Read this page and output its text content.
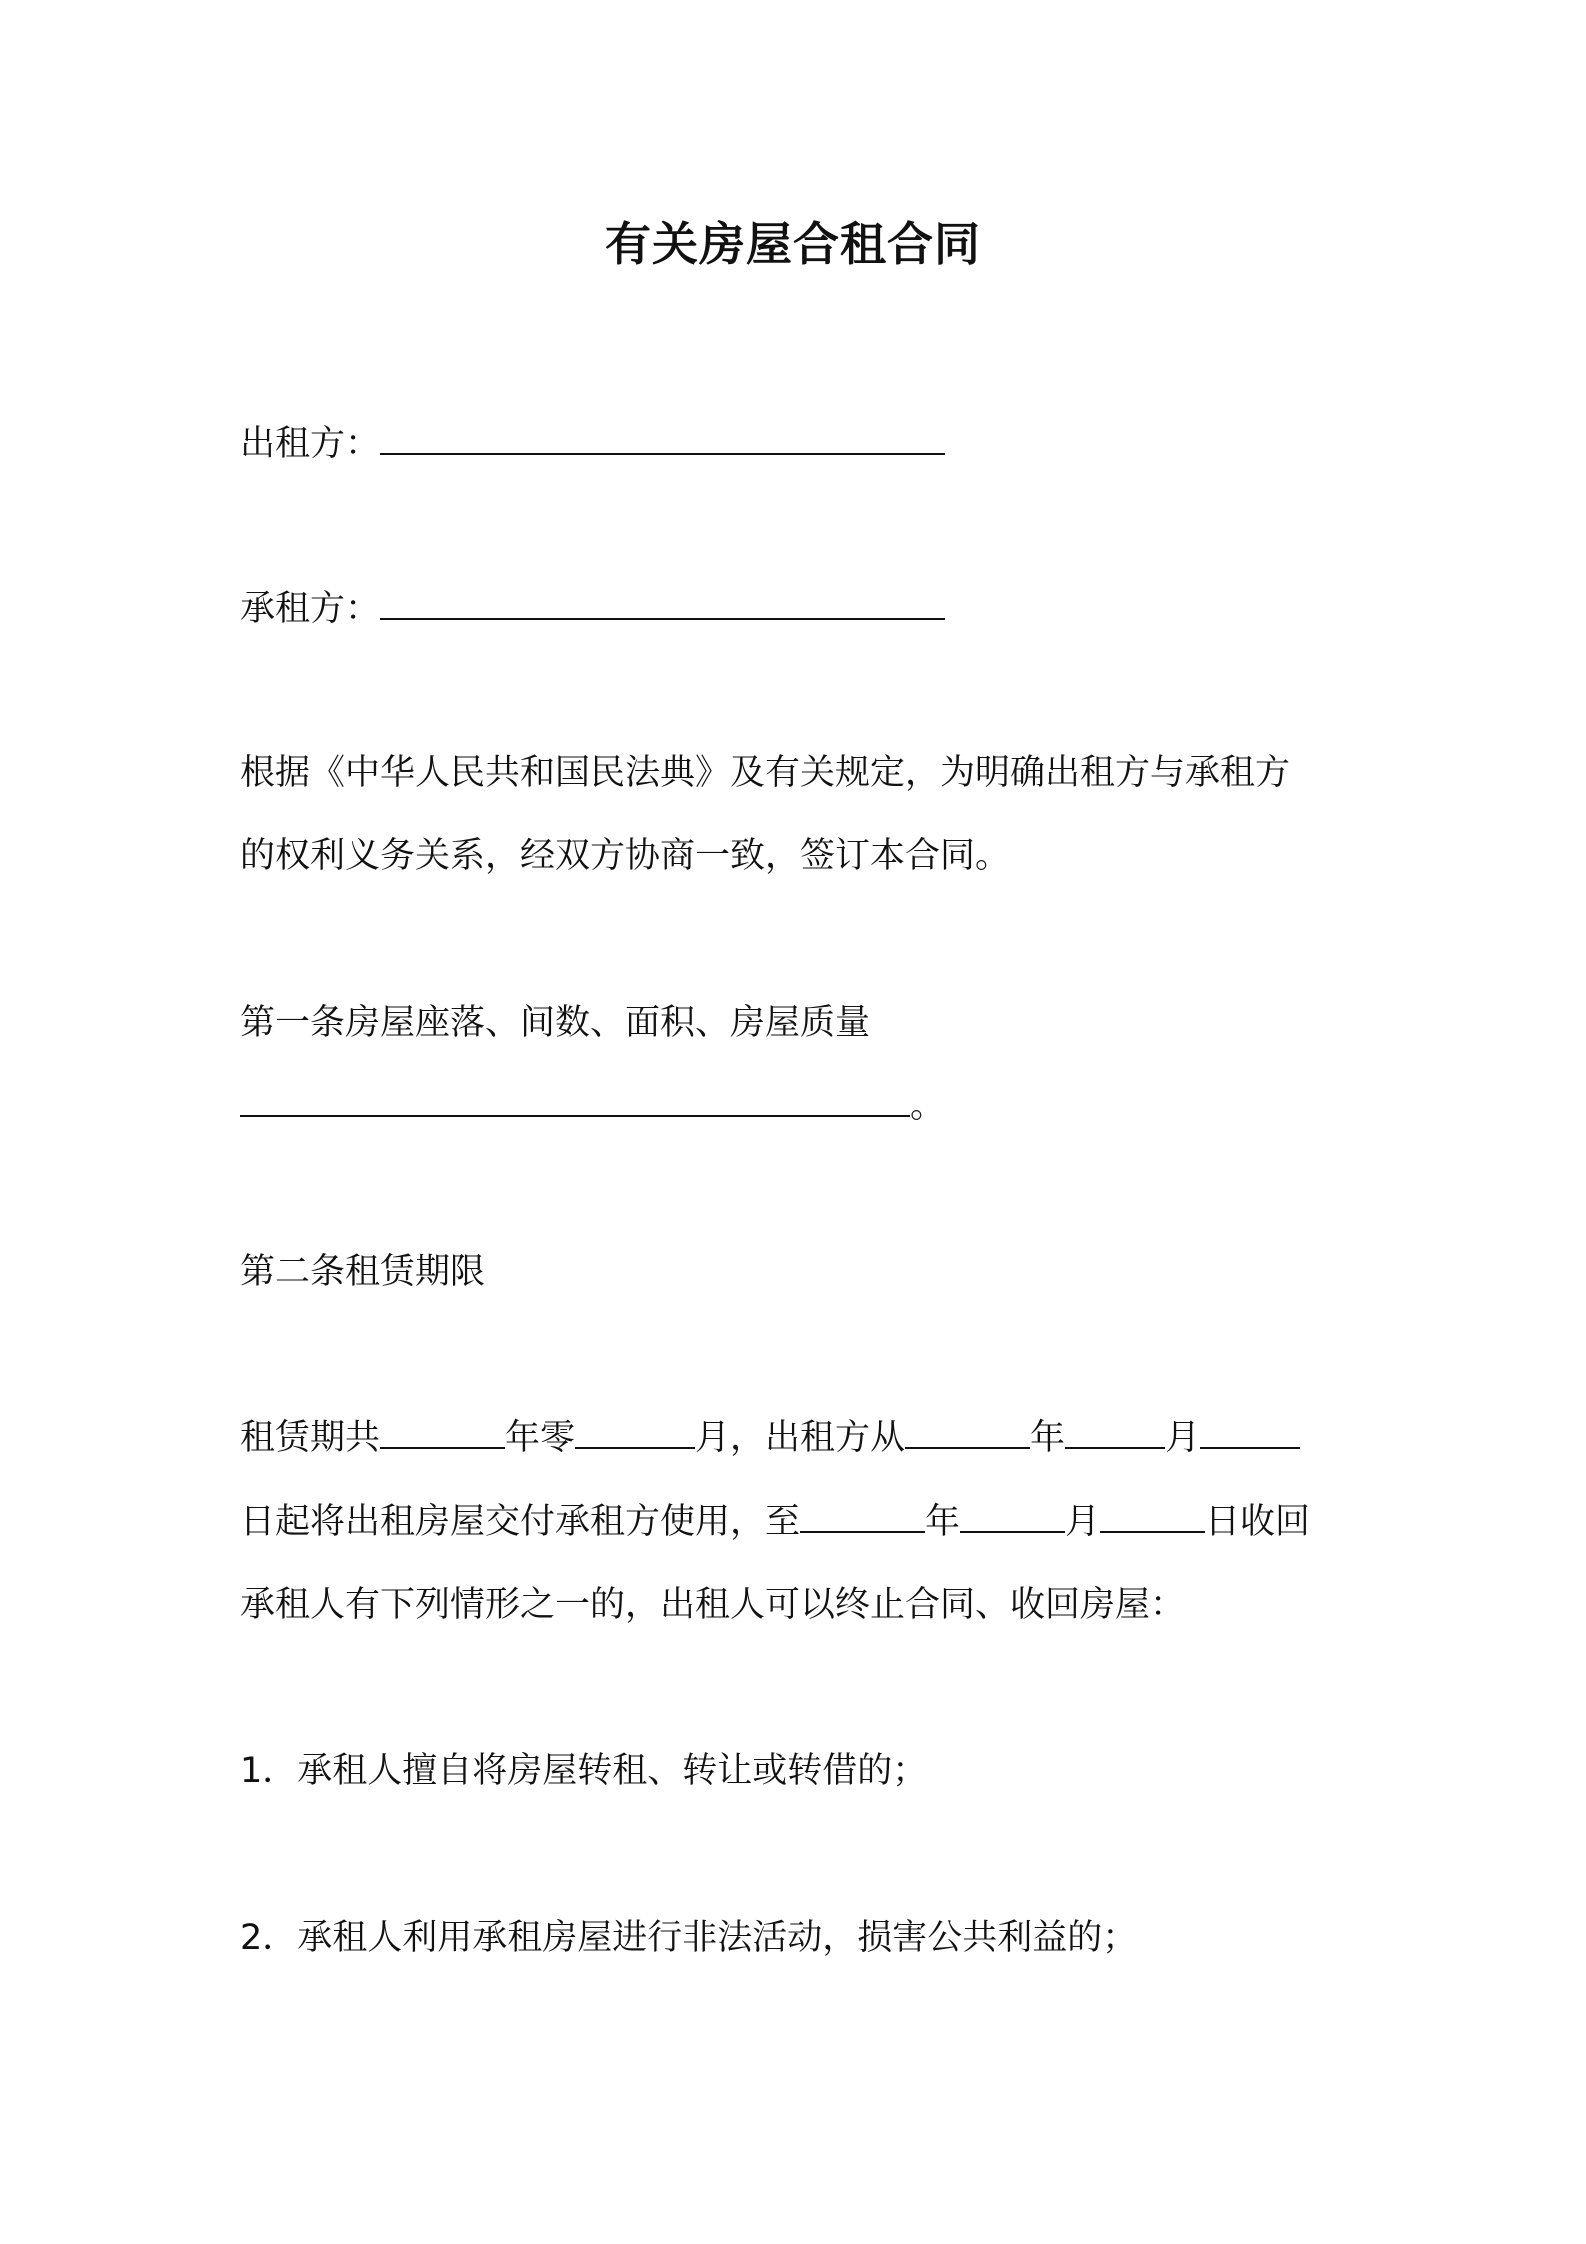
有关房屋合租合同
出租方：
承租方：
根据《中华人民共和国民法典》及有关规定，为明确出租方与承租方
的权利义务关系，经双方协商一致，签订本合同。
第一条房屋座落、间数、面积、房屋质量
。
第二条租赁期限
租赁期共	年零	月，出租方从	年	月
日起将出租房屋交付承租方使用，至	年	月	日收回
承租人有下列情形之一的，出租人可以终止合同、收回房屋：
1．承租人擅自将房屋转租、转让或转借的；
2．承租人利用承租房屋进行非法活动，损害公共利益的；
